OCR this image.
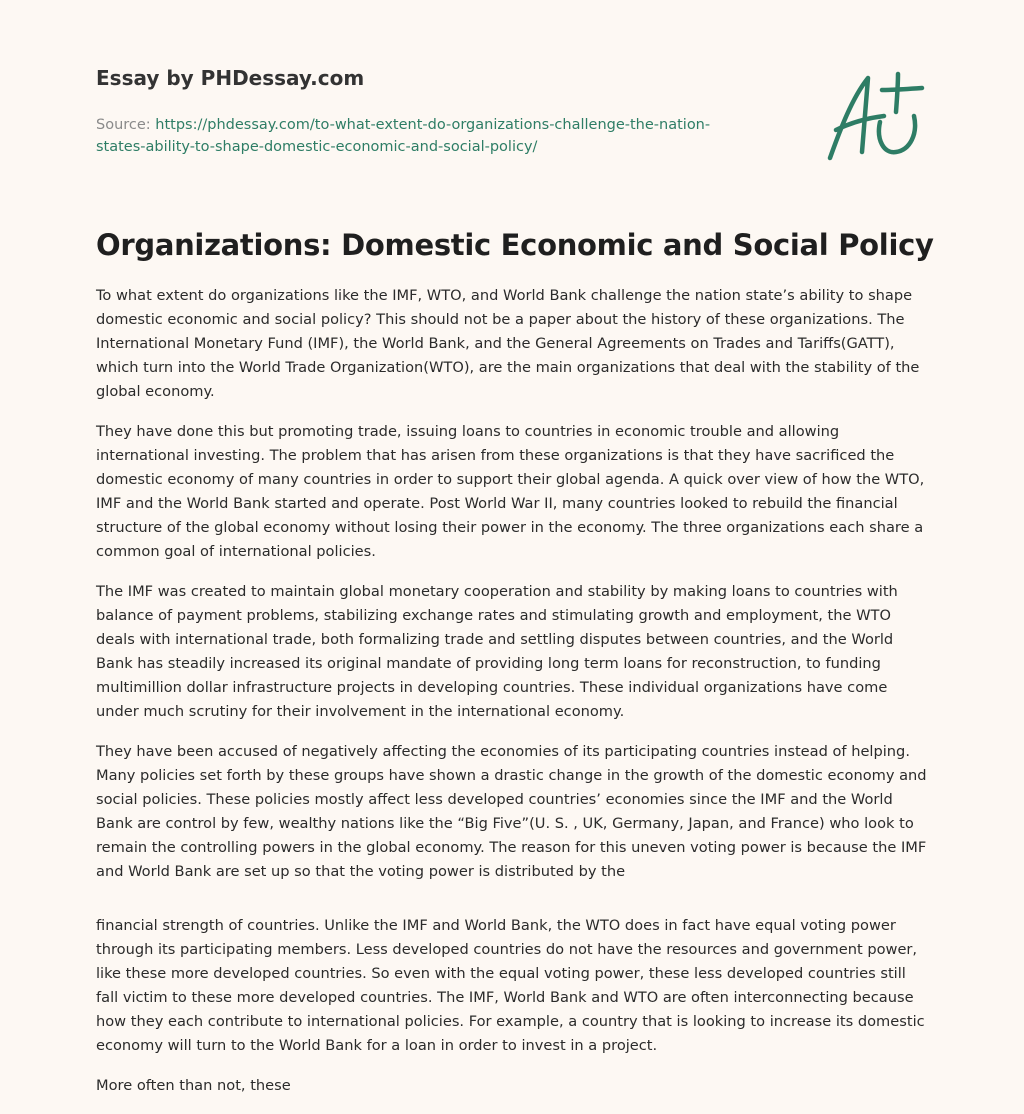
Essay by PHDessay.com
Source: https://phdessay.com/to-what-extent-do-organizations-challenge-the-nation-states-ability-to-shape-domestic-economic-and-social-policy/
Organizations: Domestic Economic and Social Policy

To what extent do organizations like the IMF, WTO, and World Bank challenge the nation state’s ability to shape domestic economic and social policy? This should not be a paper about the history of these organizations. The International Monetary Fund (IMF), the World Bank, and the General Agreements on Trades and Tariffs(GATT), which turn into the World Trade Organization(WTO), are the main organizations that deal with the stability of the global economy.

They have done this but promoting trade, issuing loans to countries in economic trouble and allowing international investing. The problem that has arisen from these organizations is that they have sacrificed the domestic economy of many countries in order to support their global agenda. A quick over view of how the WTO, IMF and the World Bank started and operate. Post World War II, many countries looked to rebuild the financial structure of the global economy without losing their power in the economy. The three organizations each share a common goal of international policies.

The IMF was created to maintain global monetary cooperation and stability by making loans to countries with balance of payment problems, stabilizing exchange rates and stimulating growth and employment, the WTO deals with international trade, both formalizing trade and settling disputes between countries, and the World Bank has steadily increased its original mandate of providing long term loans for reconstruction, to funding multimillion dollar infrastructure projects in developing countries. These individual organizations have come under much scrutiny for their involvement in the international economy.

They have been accused of negatively affecting the economies of its participating countries instead of helping. Many policies set forth by these groups have shown a drastic change in the growth of the domestic economy and social policies. These policies mostly affect less developed countries’ economies since the IMF and the World Bank are control by few, wealthy nations like the “Big Five”(U. S. , UK, Germany, Japan, and France) who look to remain the controlling powers in the global economy. The reason for this uneven voting power is because the IMF and World Bank are set up so that the voting power is distributed by the

financial strength of countries. Unlike the IMF and World Bank, the WTO does in fact have equal voting power through its participating members. Less developed countries do not have the resources and government power, like these more developed countries. So even with the equal voting power, these less developed countries still fall victim to these more developed countries. The IMF, World Bank and WTO are often interconnecting because how they each contribute to international policies. For example, a country that is looking to increase its domestic economy will turn to the World Bank for a loan in order to invest in a project.

More often than not, these
